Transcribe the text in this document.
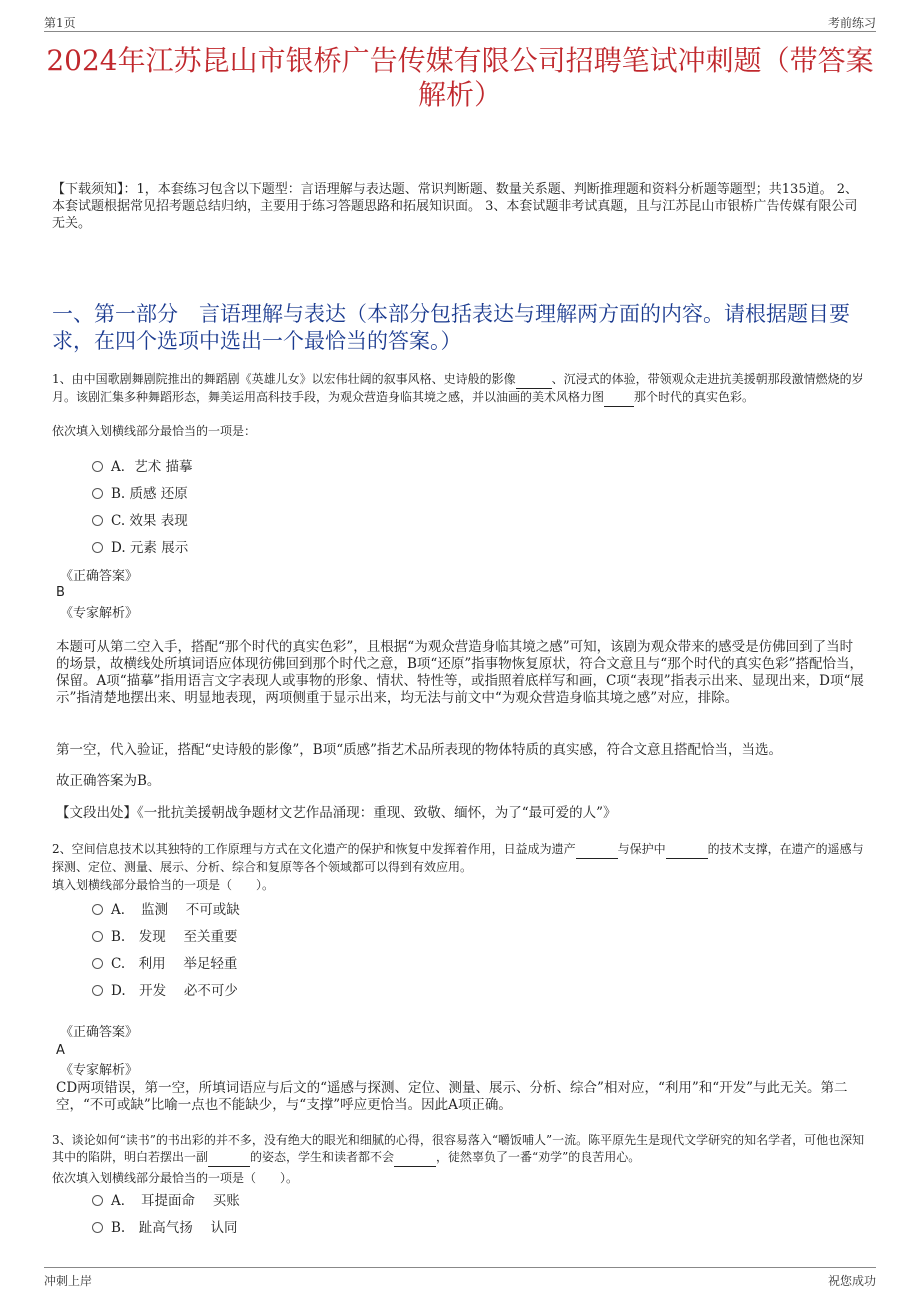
第1页	考前练习
2024年江苏昆山市银桥广告传媒有限公司招聘笔试冲刺题（带答案解析）
【下载须知】：1，本套练习包含以下题型：言语理解与表达题、常识判断题、数量关系题、判断推理题和资料分析题等题型；共135道。 2、本套试题根据常见招考题总结归纳，主要用于练习答题思路和拓展知识面。 3、本套试题非考试真题，且与江苏昆山市银桥广告传媒有限公司无关。
一、第一部分　言语理解与表达（本部分包括表达与理解两方面的内容。请根据题目要求，在四个选项中选出一个最恰当的答案。）
1、由中国歌剧舞剧院推出的舞蹈剧《英雄儿女》以宏伟壮阔的叙事风格、史诗般的影像	、沉浸式的体验，带领观众走进抗美援朝那段激情燃烧的岁月。该剧汇集多种舞蹈形态，舞美运用高科技手段，为观众营造身临其境之感，并以油画的美术风格力图	那个时代的真实色彩。
依次填入划横线部分最恰当的一项是：
A．艺术 描摹
B. 质感 还原
C. 效果 表现
D. 元素 展示
《正确答案》
B
《专家解析》
本题可从第二空入手，搭配“那个时代的真实色彩”，且根据“为观众营造身临其境之感”可知，该剧为观众带来的感受是仿佛回到了当时的场景，故横线处所填词语应体现彷佛回到那个时代之意，B项“还原”指事物恢复原状，符合文意且与“那个时代的真实色彩”搭配恰当，保留。A项“描摹”指用语言文字表现人或事物的形象、情状、特性等，或指照着底样写和画，C项“表现”指表示出来、显现出来，D项“展示”指清楚地摆出来、明显地表现，两项侧重于显示出来，均无法与前文中“为观众营造身临其境之感”对应，排除。
第一空，代入验证，搭配“史诗般的影像”，B项“质感”指艺术品所表现的物体特质的真实感，符合文意且搭配恰当，当选。
故正确答案为B。
【文段出处】《一批抗美援朝战争题材文艺作品涌现：重现、致敬、缅怀，为了“最可爱的人”》
2、空间信息技术以其独特的工作原理与方式在文化遗产的保护和恢复中发挥着作用，日益成为遗产	与保护中	的技术支撑，在遗产的遥感与探测、定位、测量、展示、分析、综合和复原等各个领域都可以得到有效应用。
填入划横线部分最恰当的一项是（　　）。
A．　监测　 不可或缺
B.　发现　 至关重要
C.　利用　 举足轻重
D.　开发　 必不可少
《正确答案》
A
《专家解析》
CD两项错误，第一空，所填词语应与后文的“遥感与探测、定位、测量、展示、分析、综合”相对应，“利用”和“开发”与此无关。第二空，“不可或缺”比喻一点也不能缺少，与“支撑”呼应更恰当。因此A项正确。
3、谈论如何“读书”的书出彩的并不多，没有绝大的眼光和细腻的心得，很容易落入“嚼饭哺人”一流。陈平原先生是现代文学研究的知名学者，可他也深知其中的陷阱，明白若摆出一副	的姿态，学生和读者都不会	，徒然辜负了一番“劝学”的良苦用心。
依次填入划横线部分最恰当的一项是（　　）。
A．　耳提面命　 买账
B.　趾高气扬　 认同
冲刺上岸	祝您成功
